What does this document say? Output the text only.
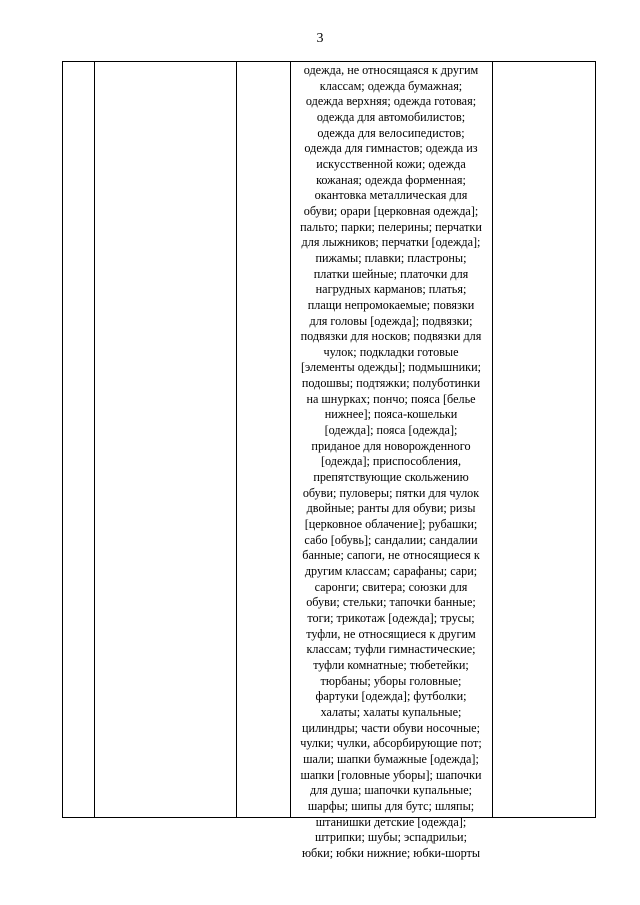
3
одежда, не относящаяся к другим
классам; одежда бумажная;
одежда верхняя; одежда готовая;
одежда для автомобилистов;
одежда для велосипедистов;
одежда для гимнастов; одежда из
искусственной кожи; одежда
кожаная; одежда форменная;
окантовка металлическая для
обуви; орари [церковная одежда];
пальто; парки; пелерины; перчатки
для лыжников; перчатки [одежда];
пижамы; плавки; пластроны;
платки шейные; платочки для
нагрудных карманов; платья;
плащи непромокаемые; повязки
для головы [одежда]; подвязки;
подвязки для носков; подвязки для
чулок; подкладки готовые
[элементы одежды]; подмышники;
подошвы; подтяжки; полуботинки
на шнурках; пончо; пояса [белье
нижнее]; пояса-кошельки
[одежда]; пояса [одежда];
приданое для новорожденного
[одежда]; приспособления,
препятствующие скольжению
обуви; пуловеры; пятки для чулок
двойные; ранты для обуви; ризы
[церковное облачение]; рубашки;
сабо [обувь]; сандалии; сандалии
банные; сапоги, не относящиеся к
другим классам; сарафаны; сари;
саронги; свитера; союзки для
обуви; стельки; тапочки банные;
тоги; трикотаж [одежда]; трусы;
туфли, не относящиеся к другим
классам; туфли гимнастические;
туфли комнатные; тюбетейки;
тюрбаны; уборы головные;
фартуки [одежда]; футболки;
халаты; халаты купальные;
цилиндры; части обуви носочные;
чулки; чулки, абсорбирующие пот;
шали; шапки бумажные [одежда];
шапки [головные уборы]; шапочки
для душа; шапочки купальные;
шарфы; шипы для бутс; шляпы;
штанишки детские [одежда];
штрипки; шубы; эспадрильи;
юбки; юбки нижние; юбки-шорты
